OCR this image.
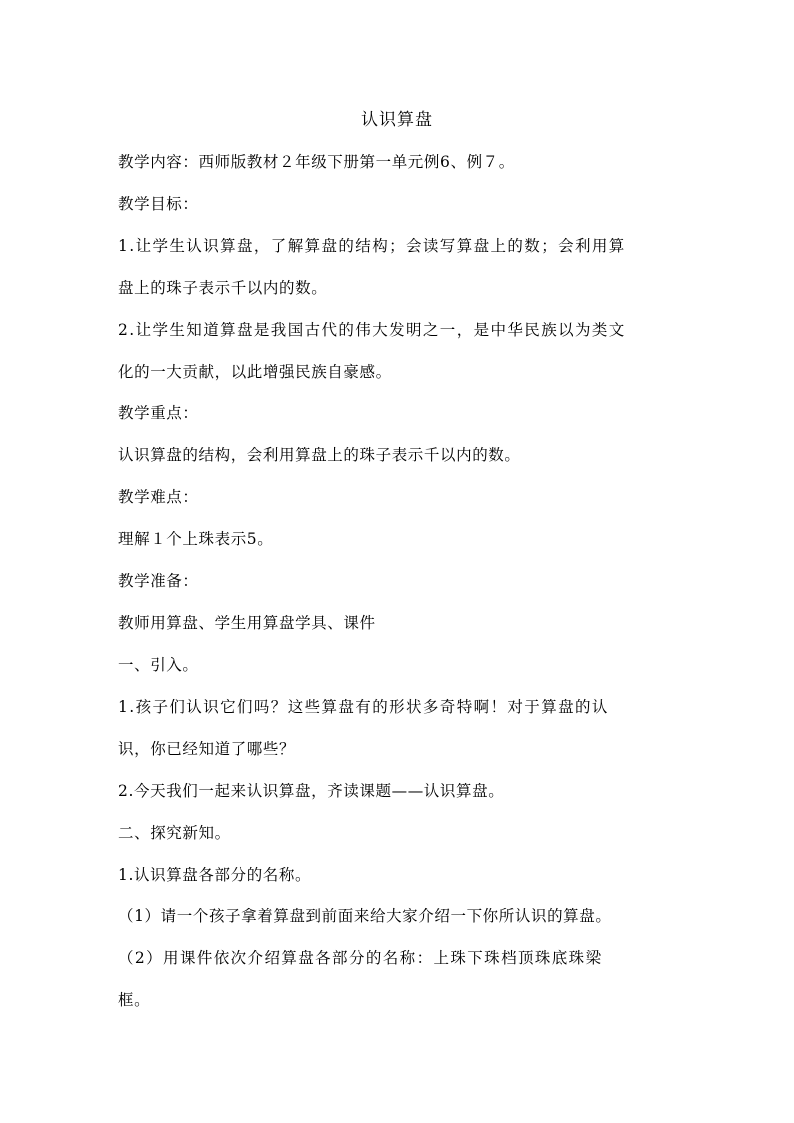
认识算盘
教学内容：西师版教材２年级下册第一单元例6、例７。
教学目标：
1.让学生认识算盘，了解算盘的结构；会读写算盘上的数；会利用算
盘上的珠子表示千以内的数。
2.让学生知道算盘是我国古代的伟大发明之一，是中华民族以为类文
化的一大贡献，以此增强民族自豪感。
教学重点：
认识算盘的结构，会利用算盘上的珠子表示千以内的数。
教学难点：
理解１个上珠表示5。
教学准备：
教师用算盘、学生用算盘学具、课件
一、引入。
1.孩子们认识它们吗？这些算盘有的形状多奇特啊！对于算盘的认
识，你已经知道了哪些？
2.今天我们一起来认识算盘，齐读课题——认识算盘。
二、探究新知。
1.认识算盘各部分的名称。
（1）请一个孩子拿着算盘到前面来给大家介绍一下你所认识的算盘。
（2）用课件依次介绍算盘各部分的名称：上珠下珠档顶珠底珠梁
框。
